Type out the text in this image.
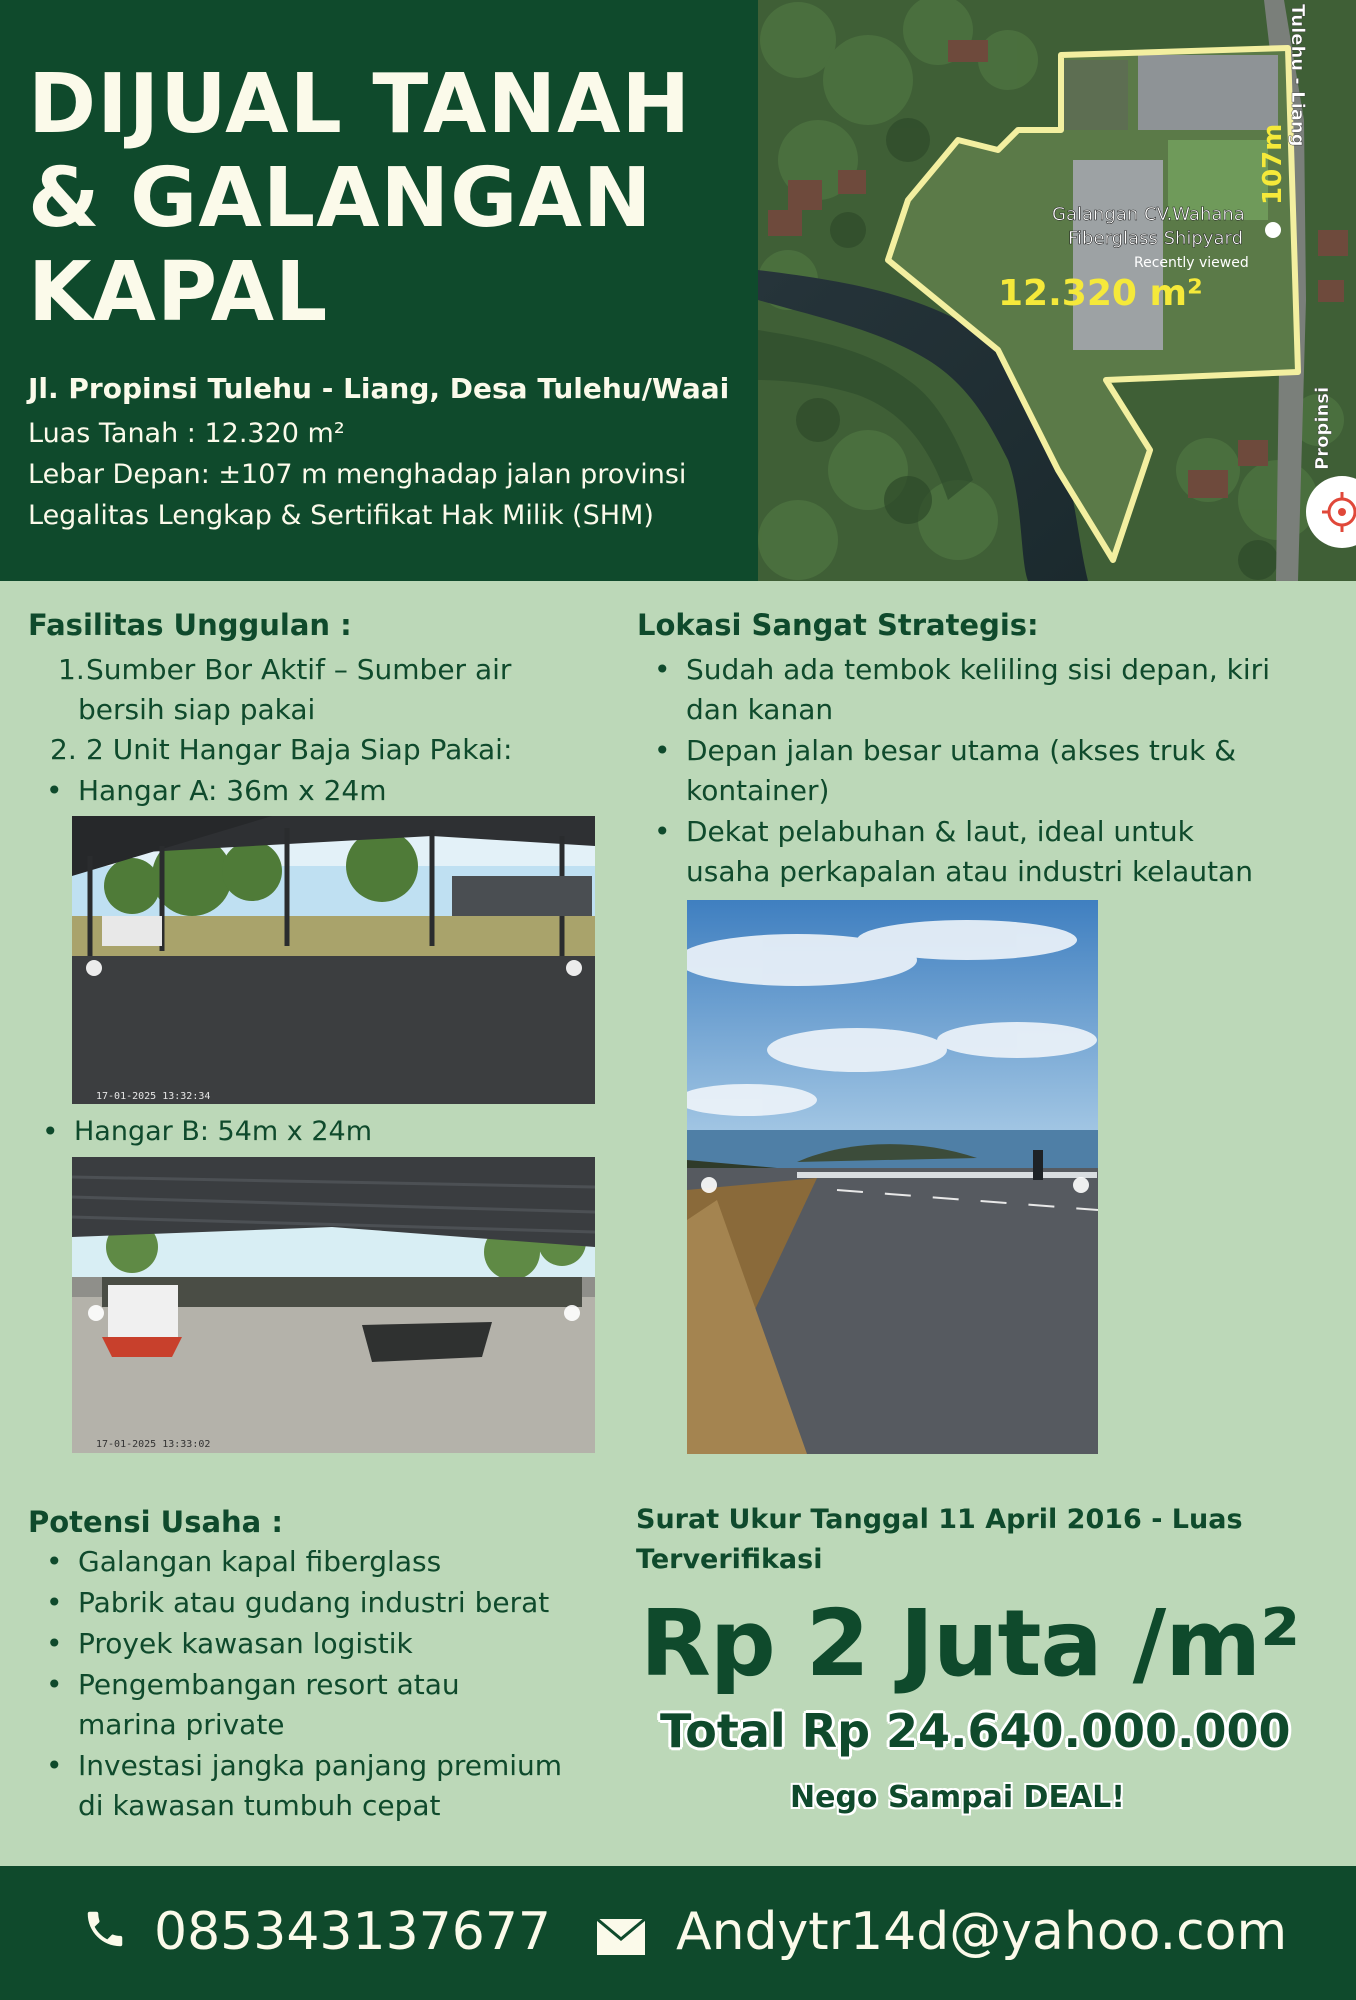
DIJUAL TANAH
& GALANGAN
KAPAL
Jl. Propinsi Tulehu - Liang, Desa Tulehu/Waai
Luas Tanah : 12.320 m²
Lebar Depan: ±107 m menghadap jalan provinsi
Legalitas Lengkap & Sertifikat Hak Milik (SHM)
Tulehu - Liang
Propinsi
107m
Galangan CV.Wahana
Fiberglass Shipyard
Recently viewed
12.320 m²
Fasilitas Unggulan :
1. Sumber Bor Aktif – Sumber air
bersih siap pakai
2. 2 Unit Hangar Baja Siap Pakai:
• Hangar A: 36m x 24m
17-01-2025 13:32:34
• Hangar B: 54m x 24m
17-01-2025 13:33:02
Lokasi Sangat Strategis:
• Sudah ada tembok keliling sisi depan, kiri
dan kanan
• Depan jalan besar utama (akses truk &
kontainer)
• Dekat pelabuhan & laut, ideal untuk
usaha perkapalan atau industri kelautan
Potensi Usaha :
• Galangan kapal fiberglass
• Pabrik atau gudang industri berat
• Proyek kawasan logistik
• Pengembangan resort atau
marina private
• Investasi jangka panjang premium
di kawasan tumbuh cepat
Surat Ukur Tanggal 11 April 2016 - Luas Terverifikasi
Rp 2 Juta /m²
Total Rp 24.640.000.000
Nego Sampai DEAL!
085343137677 Andytr14d@yahoo.com
